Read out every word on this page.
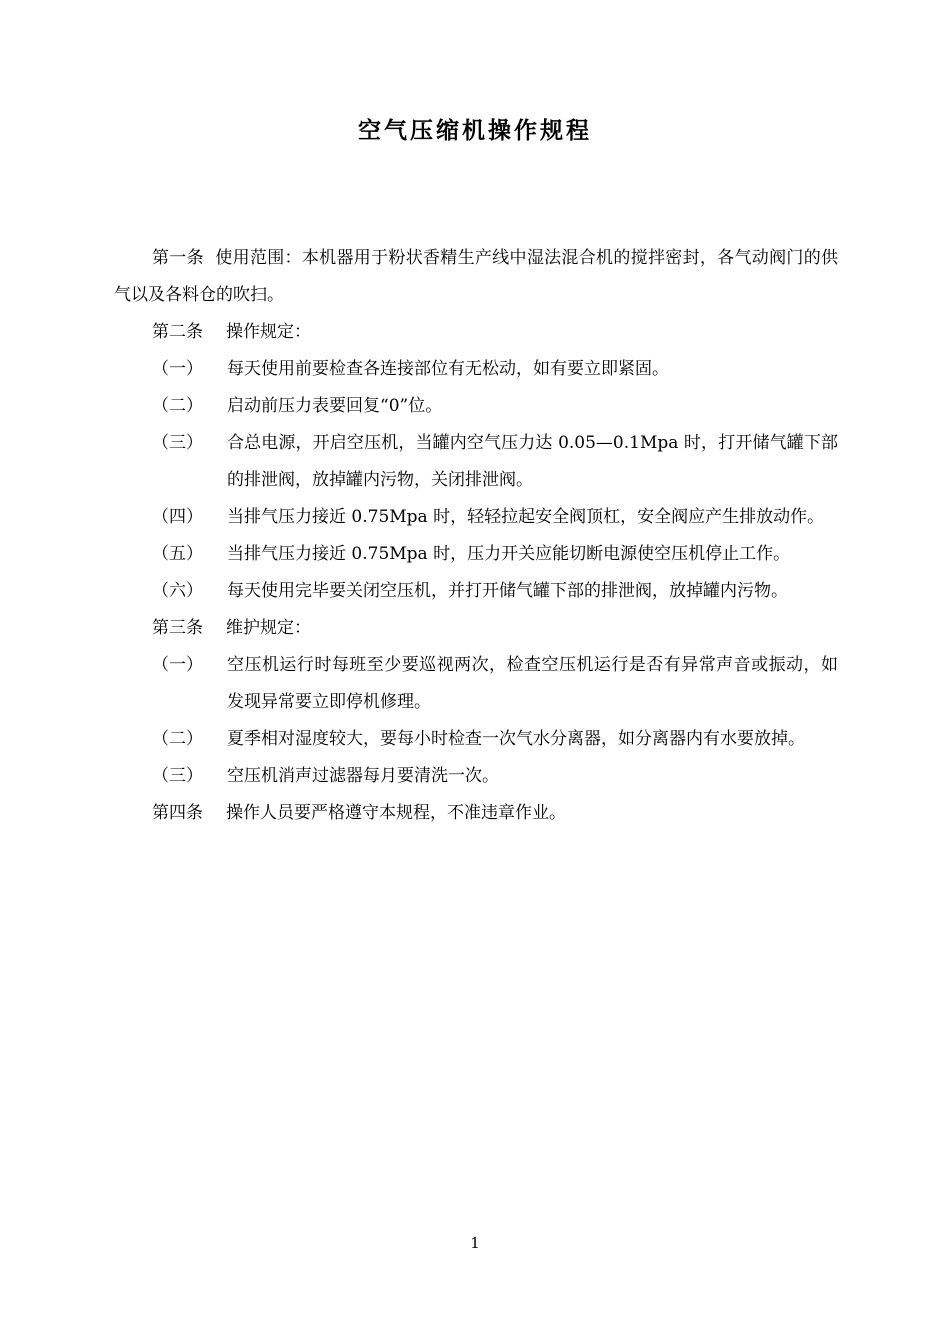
空气压缩机操作规程

第一条 使用范围：本机器用于粉状香精生产线中湿法混合机的搅拌密封，各气动阀门的供气以及各料仓的吹扫。

第二条	操作规定：
（一）	每天使用前要检查各连接部位有无松动，如有要立即紧固。
（二）	启动前压力表要回复“0”位。
（三）	合总电源，开启空压机，当罐内空气压力达 0.05—0.1Mpa 时，打开储气罐下部的排泄阀，放掉罐内污物，关闭排泄阀。
（四）	当排气压力接近 0.75Mpa 时，轻轻拉起安全阀顶杠，安全阀应产生排放动作。
（五）	当排气压力接近 0.75Mpa 时，压力开关应能切断电源使空压机停止工作。
（六）	每天使用完毕要关闭空压机，并打开储气罐下部的排泄阀，放掉罐内污物。
第三条	维护规定：
（一）	空压机运行时每班至少要巡视两次，检查空压机运行是否有异常声音或振动，如发现异常要立即停机修理。
（二）	夏季相对湿度较大，要每小时检查一次气水分离器，如分离器内有水要放掉。
（三）	空压机消声过滤器每月要清洗一次。
第四条	操作人员要严格遵守本规程，不准违章作业。
1
